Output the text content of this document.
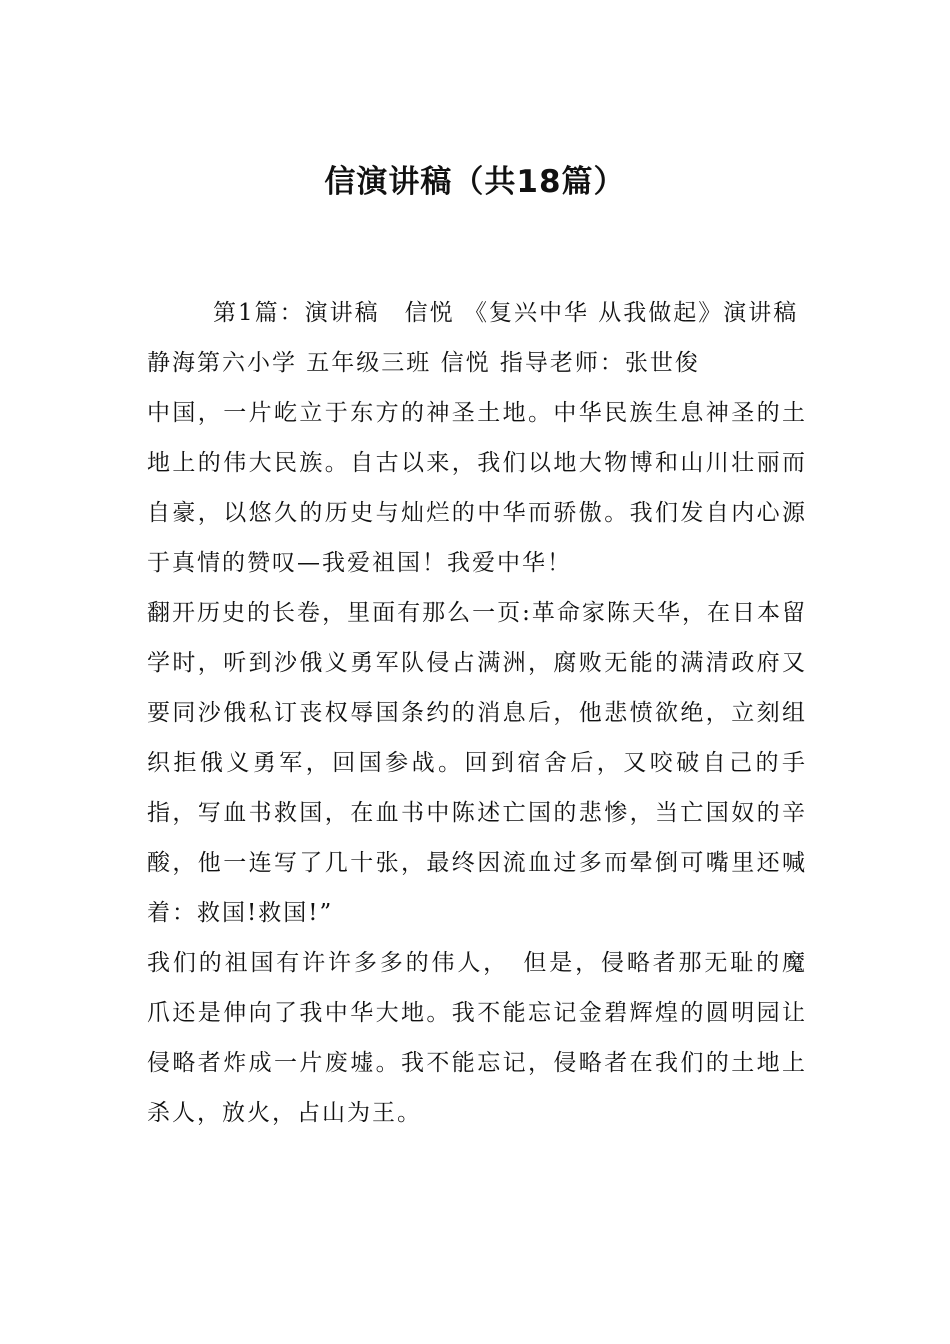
信演讲稿（共18篇）

第1篇：演讲稿　信悦 《复兴中华 从我做起》演讲稿

静海第六小学 五年级三班 信悦 指导老师：张世俊

中国，一片屹立于东方的神圣土地。中华民族生息神圣的土地上的伟大民族。自古以来，我们以地大物博和山川壮丽而自豪，以悠久的历史与灿烂的中华而骄傲。我们发自内心源于真情的赞叹—我爱祖国！我爱中华！

翻开历史的长卷，里面有那么一页:革命家陈天华，在日本留学时，听到沙俄义勇军队侵占满洲，腐败无能的满清政府又要同沙俄私订丧权辱国条约的消息后，他悲愤欲绝，立刻组织拒俄义勇军，回国参战。回到宿舍后，又咬破自己的手指，写血书救国，在血书中陈述亡国的悲惨，当亡国奴的辛酸，他一连写了几十张，最终因流血过多而晕倒可嘴里还喊着：救国!救国!”

我们的祖国有许许多多的伟人，　但是，侵略者那无耻的魔爪还是伸向了我中华大地。我不能忘记金碧辉煌的圆明园让侵略者炸成一片废墟。我不能忘记，侵略者在我们的土地上杀人，放火，占山为王。
